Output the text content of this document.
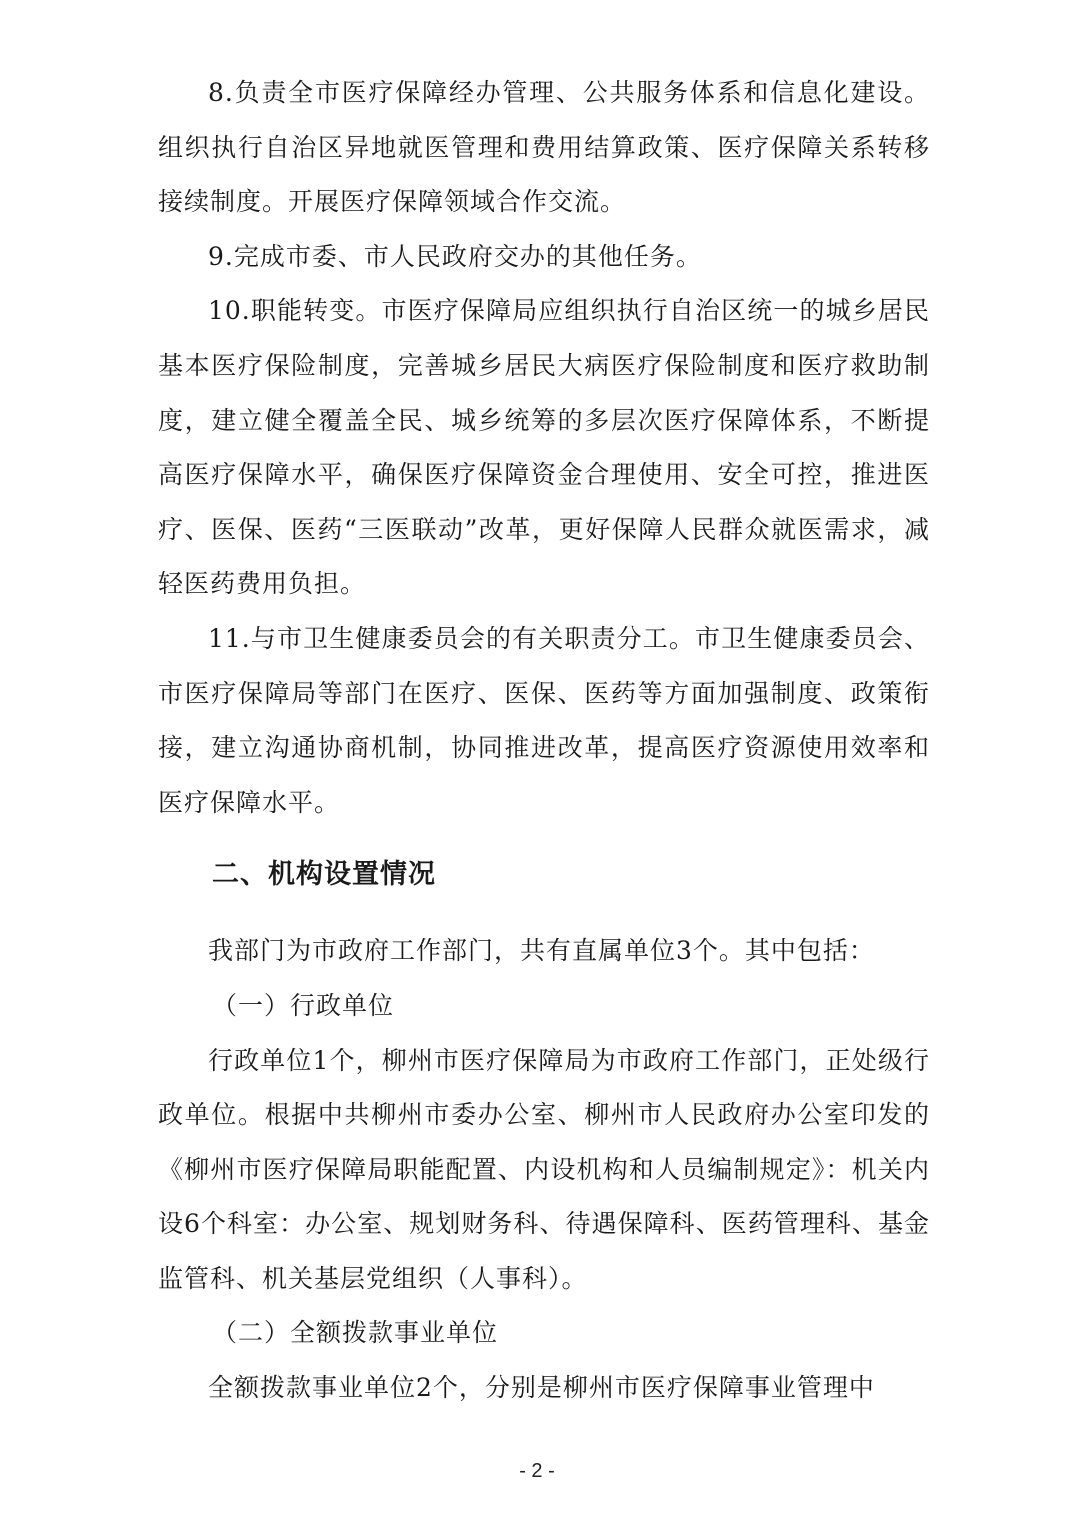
8.负责全市医疗保障经办管理、公共服务体系和信息化建设。组织执行自治区异地就医管理和费用结算政策、医疗保障关系转移接续制度。开展医疗保障领域合作交流。

9.完成市委、市人民政府交办的其他任务。

10.职能转变。市医疗保障局应组织执行自治区统一的城乡居民基本医疗保险制度，完善城乡居民大病医疗保险制度和医疗救助制度，建立健全覆盖全民、城乡统筹的多层次医疗保障体系，不断提高医疗保障水平，确保医疗保障资金合理使用、安全可控，推进医疗、医保、医药“三医联动”改革，更好保障人民群众就医需求，减轻医药费用负担。

11.与市卫生健康委员会的有关职责分工。市卫生健康委员会、市医疗保障局等部门在医疗、医保、医药等方面加强制度、政策衔接，建立沟通协商机制，协同推进改革，提高医疗资源使用效率和医疗保障水平。

二、机构设置情况

我部门为市政府工作部门，共有直属单位3个。其中包括：

（一）行政单位

行政单位1个，柳州市医疗保障局为市政府工作部门，正处级行政单位。根据中共柳州市委办公室、柳州市人民政府办公室印发的《柳州市医疗保障局职能配置、内设机构和人员编制规定》：机关内设6个科室：办公室、规划财务科、待遇保障科、医药管理科、基金监管科、机关基层党组织（人事科）。

（二）全额拨款事业单位

全额拨款事业单位2个，分别是柳州市医疗保障事业管理中

- 2 -
